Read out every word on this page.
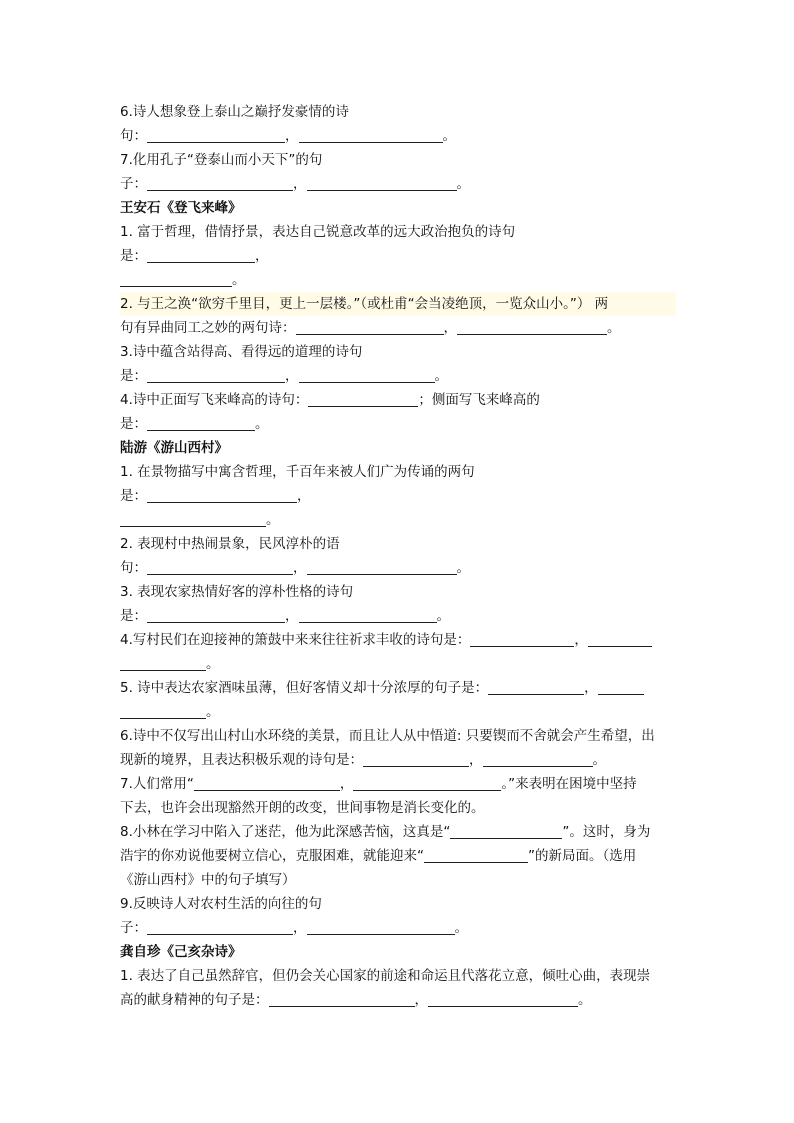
6.诗人想象登上泰山之巅抒发豪情的诗
句：	，	。
7.化用孔子“登泰山而小天下”的句
子：	，	。
王安石《登飞来峰》
1. 富于哲理，借情抒景，表达自己锐意改革的远大政治抱负的诗句
是：	，
。
2. 与王之涣“欲穷千里目，更上一层楼。”（或杜甫“会当凌绝顶，一览众山小。”） 两
句有异曲同工之妙的两句诗：	，	。
3.诗中蕴含站得高、看得远的道理的诗句
是：	，	。
4.诗中正面写飞来峰高的诗句：	；侧面写飞来峰高的
是：	。
陆游《游山西村》
1. 在景物描写中寓含哲理，千百年来被人们广为传诵的两句
是：	，
。
2. 表现村中热闹景象，民风淳朴的语
句：	，	。
3. 表现农家热情好客的淳朴性格的诗句
是：	，	。
4.写村民们在迎接神的箫鼓中来来往往祈求丰收的诗句是：	，
。
5. 诗中表达农家酒味虽薄，但好客情义却十分浓厚的句子是：	，
。
6.诗中不仅写出山村山水环绕的美景，而且让人从中悟道: 只要锲而不舍就会产生希望，出
现新的境界，且表达积极乐观的诗句是：	，	。
7.人们常用“	，	。”来表明在困境中坚持
下去，也许会出现豁然开朗的改变，世间事物是消长变化的。
8.小林在学习中陷入了迷茫，他为此深感苦恼，这真是“	”。这时，身为
浩宇的你劝说他要树立信心，克服困难，就能迎来“	”的新局面。（选用
《游山西村》中的句子填写）
9.反映诗人对农村生活的向往的句
子：	，	。
龚自珍《己亥杂诗》
1. 表达了自己虽然辞官，但仍会关心国家的前途和命运且代落花立意，倾吐心曲，表现崇
高的献身精神的句子是：	，	。
